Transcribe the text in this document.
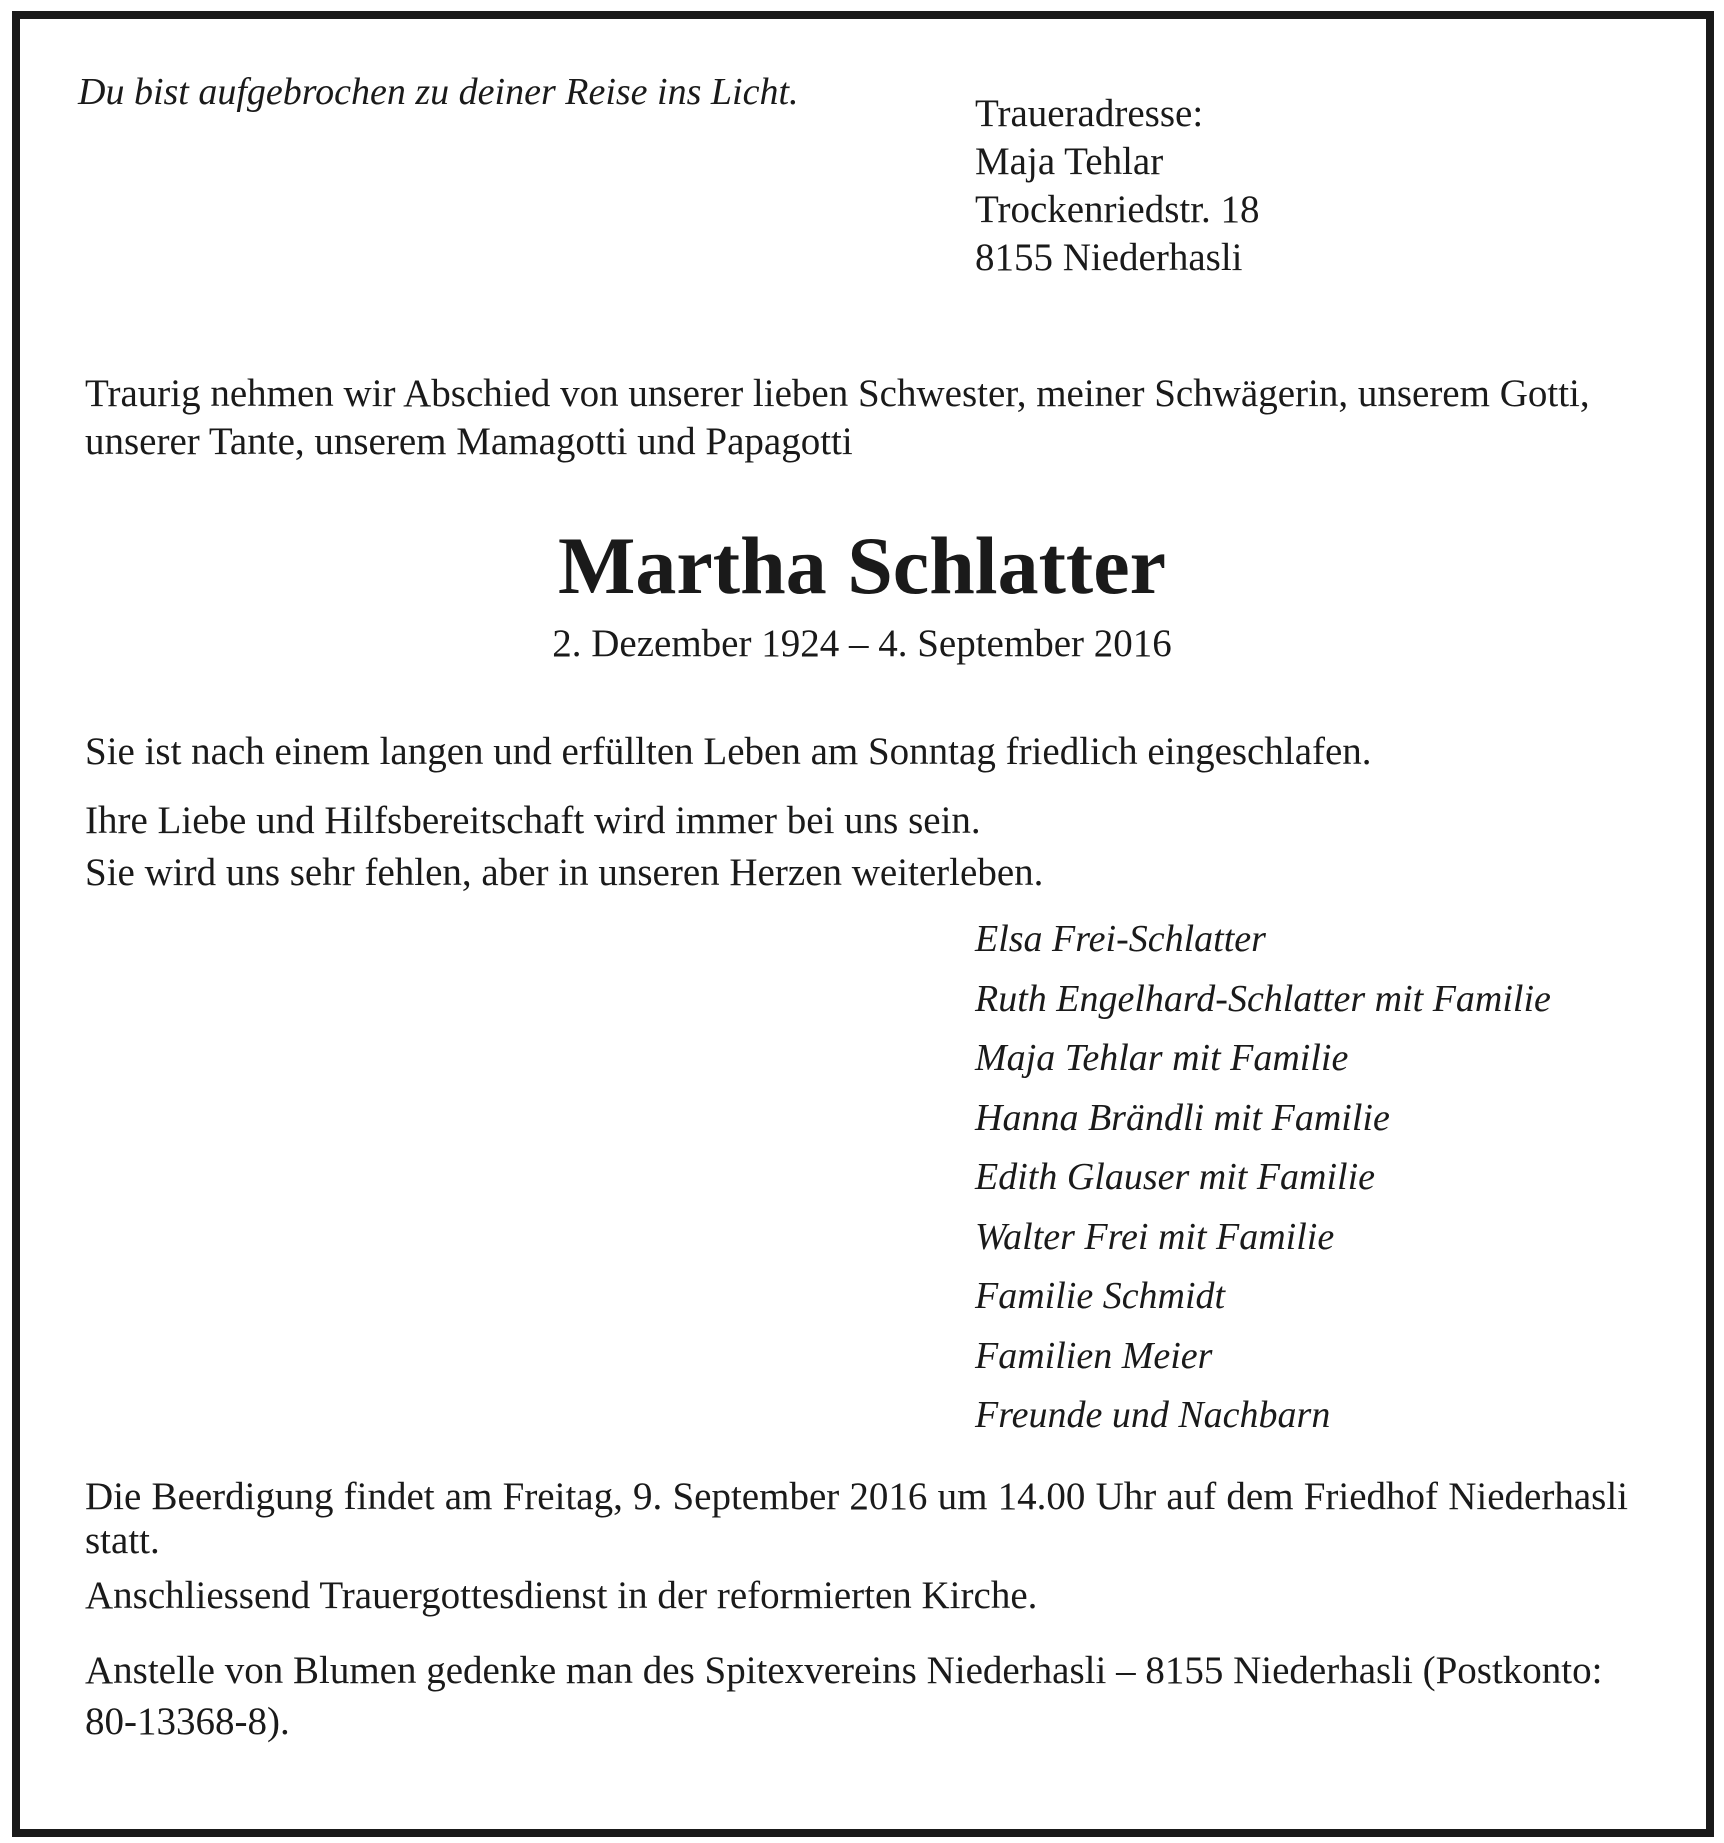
Du bist aufgebrochen zu deiner Reise ins Licht.	Traueradresse:
Maja Tehlar
Trockenriedstr. 18
8155 Niederhasli
Traurig nehmen wir Abschied von unserer lieben Schwester, meiner Schwägerin, unserem Gotti, unserer Tante, unserem Mamagotti und Papagotti
Martha Schlatter
2. Dezember 1924 – 4. September 2016
Sie ist nach einem langen und erfüllten Leben am Sonntag friedlich eingeschlafen.
Ihre Liebe und Hilfsbereitschaft wird immer bei uns sein.
Sie wird uns sehr fehlen, aber in unseren Herzen weiterleben.
Elsa Frei-Schlatter
Ruth Engelhard-Schlatter mit Familie
Maja Tehlar mit Familie
Hanna Brändli mit Familie
Edith Glauser mit Familie
Walter Frei mit Familie
Familie Schmidt
Familien Meier
Freunde und Nachbarn
Die Beerdigung findet am Freitag, 9. September 2016 um 14.00 Uhr auf dem Friedhof Niederhasli statt.
Anschliessend Trauergottesdienst in der reformierten Kirche.
Anstelle von Blumen gedenke man des Spitexvereins Niederhasli – 8155 Niederhasli (Postkonto: 80-13368-8).
